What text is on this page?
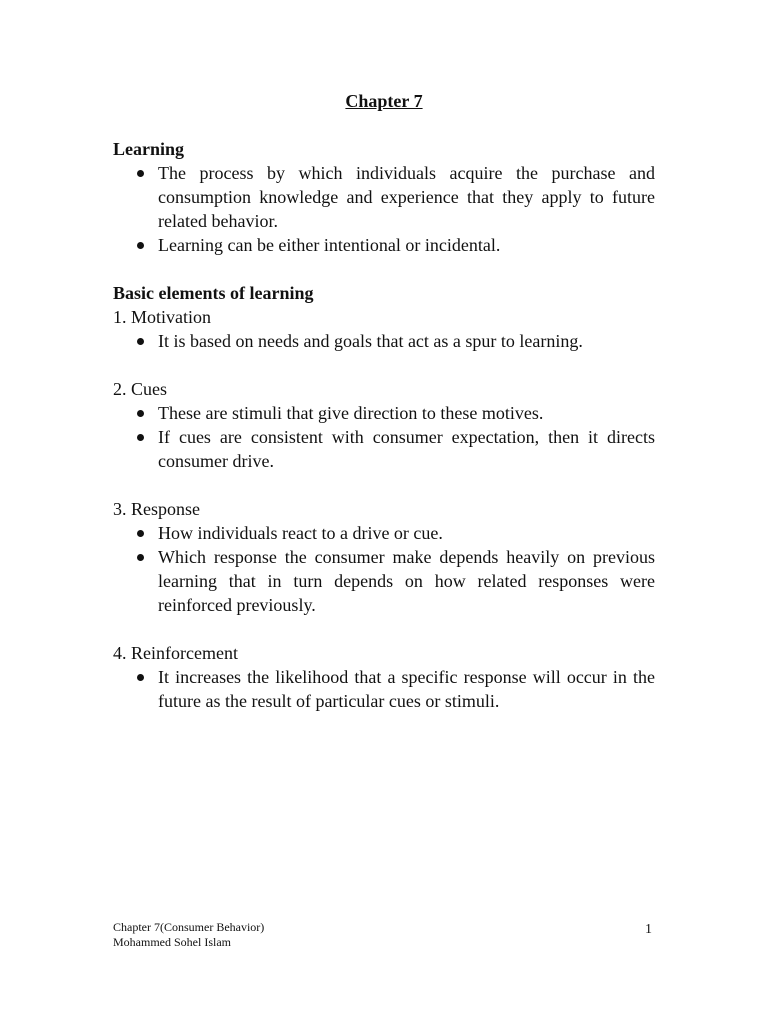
Chapter 7

Learning

The process by which individuals acquire the purchase and consumption knowledge and experience that they apply to future related behavior.
Learning can be either intentional or incidental.

Basic elements of learning

1. Motivation

It is based on needs and goals that act as a spur to learning.

2. Cues

These are stimuli that give direction to these motives.
If cues are consistent with consumer expectation, then it directs consumer drive.

3. Response

How individuals react to a drive or cue.
Which response the consumer make depends heavily on previous learning that in turn depends on how related responses were reinforced previously.

4. Reinforcement

It increases the likelihood that a specific response will occur in the future as the result of particular cues or stimuli.
Chapter 7(Consumer Behavior)
Mohammed Sohel Islam
1
